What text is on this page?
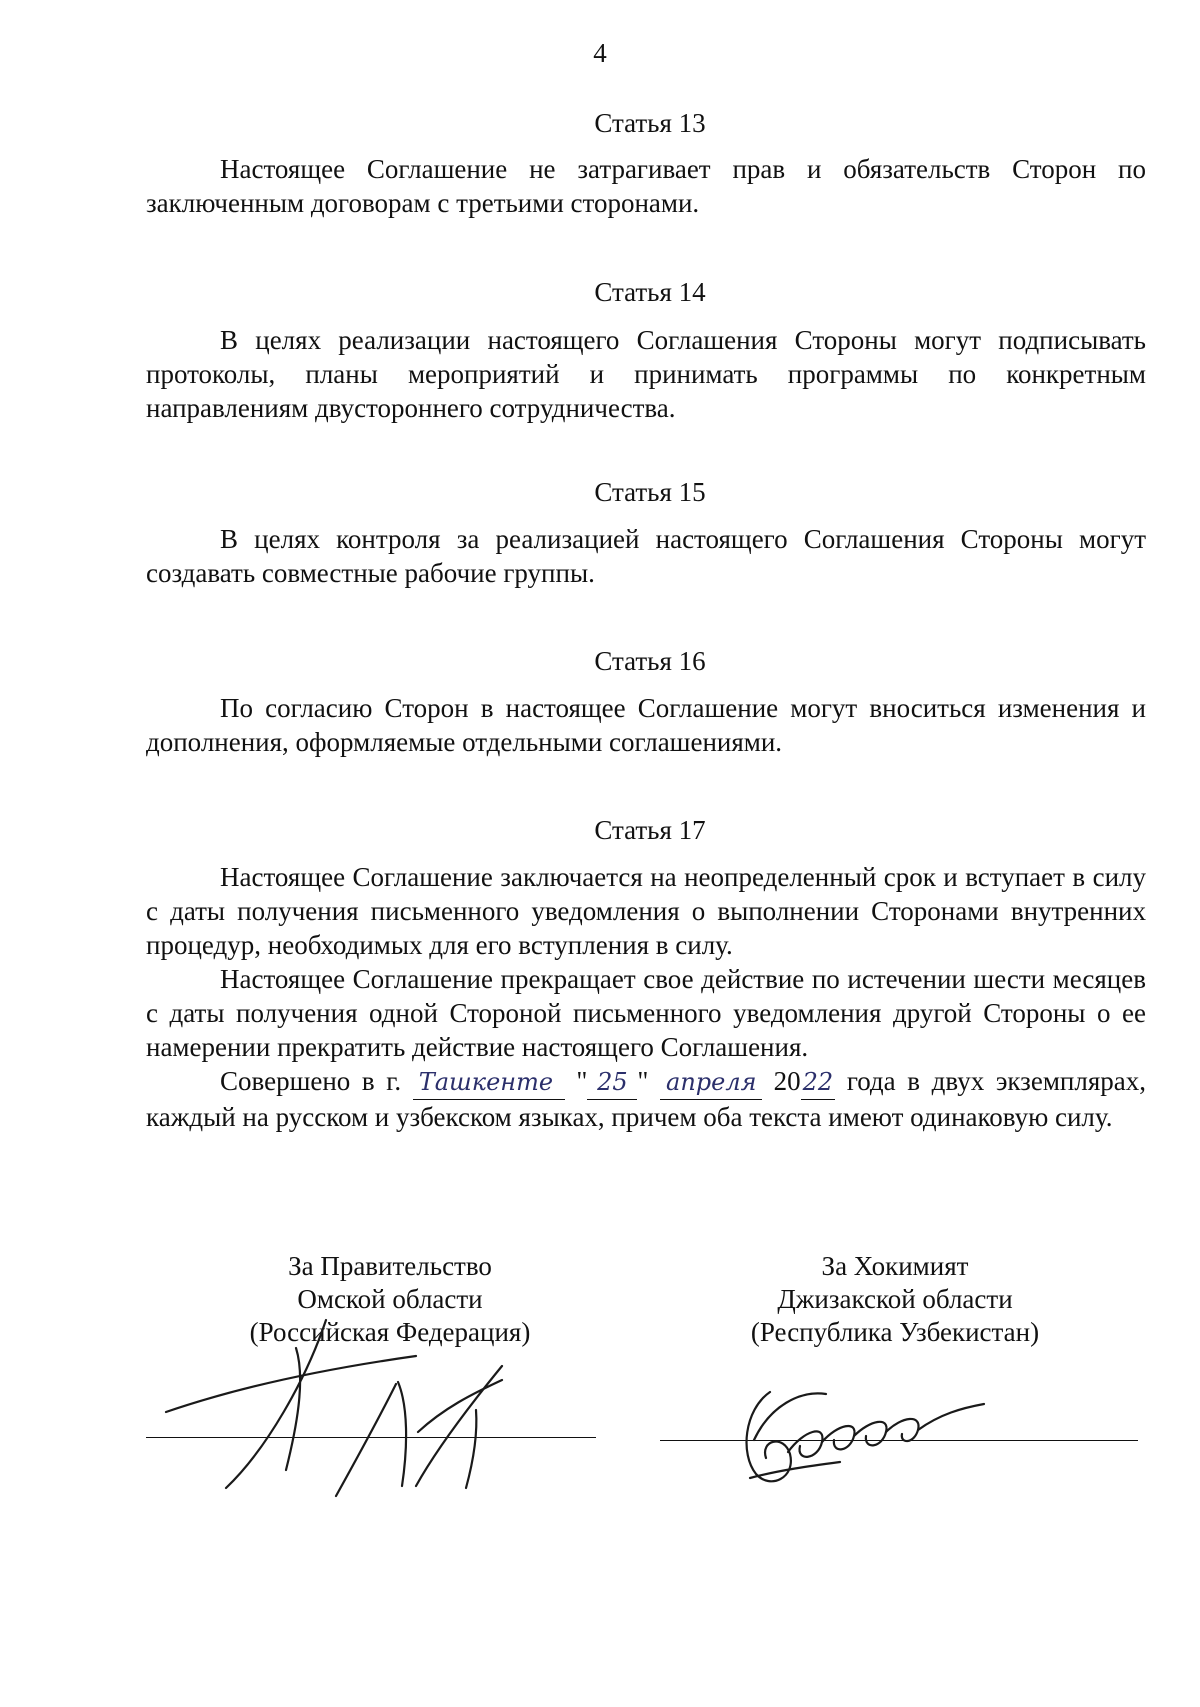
4
Статья 13

Настоящее Соглашение не затрагивает прав и обязательств Сторон по заключенным договорам с третьими сторонами.

Статья 14

В целях реализации настоящего Соглашения Стороны могут подписывать протоколы, планы мероприятий и принимать программы по конкретным направлениям двустороннего сотрудничества.

Статья 15

В целях контроля за реализацией настоящего Соглашения Стороны могут создавать совместные рабочие группы.

Статья 16

По согласию Сторон в настоящее Соглашение могут вноситься изменения и дополнения, оформляемые отдельными соглашениями.

Статья 17

Настоящее Соглашение заключается на неопределенный срок и вступает в силу с даты получения письменного уведомления о выполнении Сторонами внутренних процедур, необходимых для его вступления в силу.

Настоящее Соглашение прекращает свое действие по истечении шести месяцев с даты получения одной Стороной письменного уведомления другой Стороны о ее намерении прекратить действие настоящего Соглашения.

Совершено в г. Ташкенте " 25 " апреля 2022 года в двух экземплярах, каждый на русском и узбекском языках, причем оба текста имеют одинаковую силу.

За Правительство
Омской области
(Российская Федерация)
За Хокимият
Джизакской области
(Республика Узбекистан)
